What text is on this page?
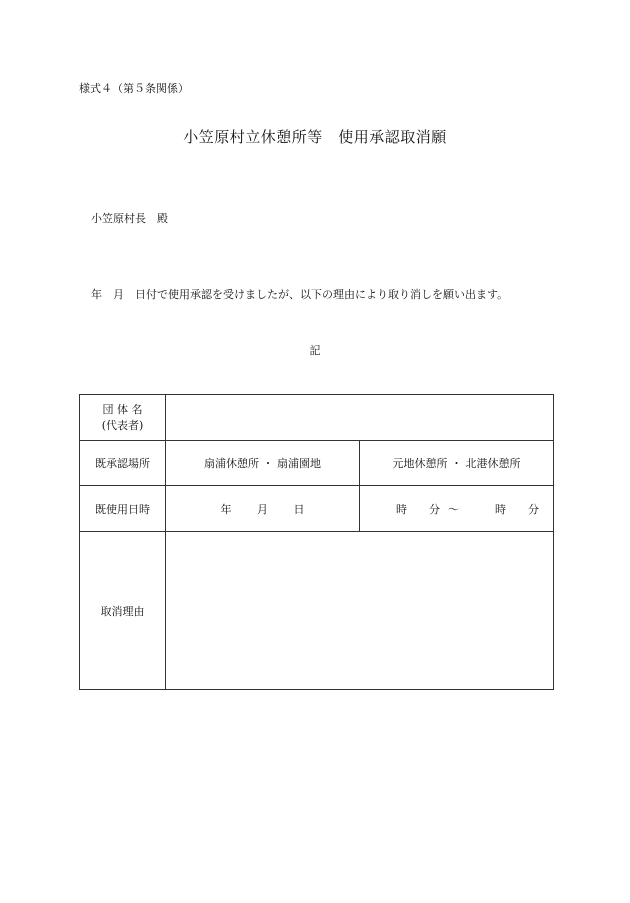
様式４（第５条関係）
小笠原村立休憩所等　使用承認取消願
小笠原村長　殿
年　月　日付で使用承認を受けましたが、以下の理由により取り消しを願い出ます。
記
団 体 名
(代表者)		

既承認場所	扇浦休憩所 ・ 扇浦園地	元地休憩所 ・ 北港休憩所
既使用日時	年 月 日	時 分 ～ 時 分
取消理由		
